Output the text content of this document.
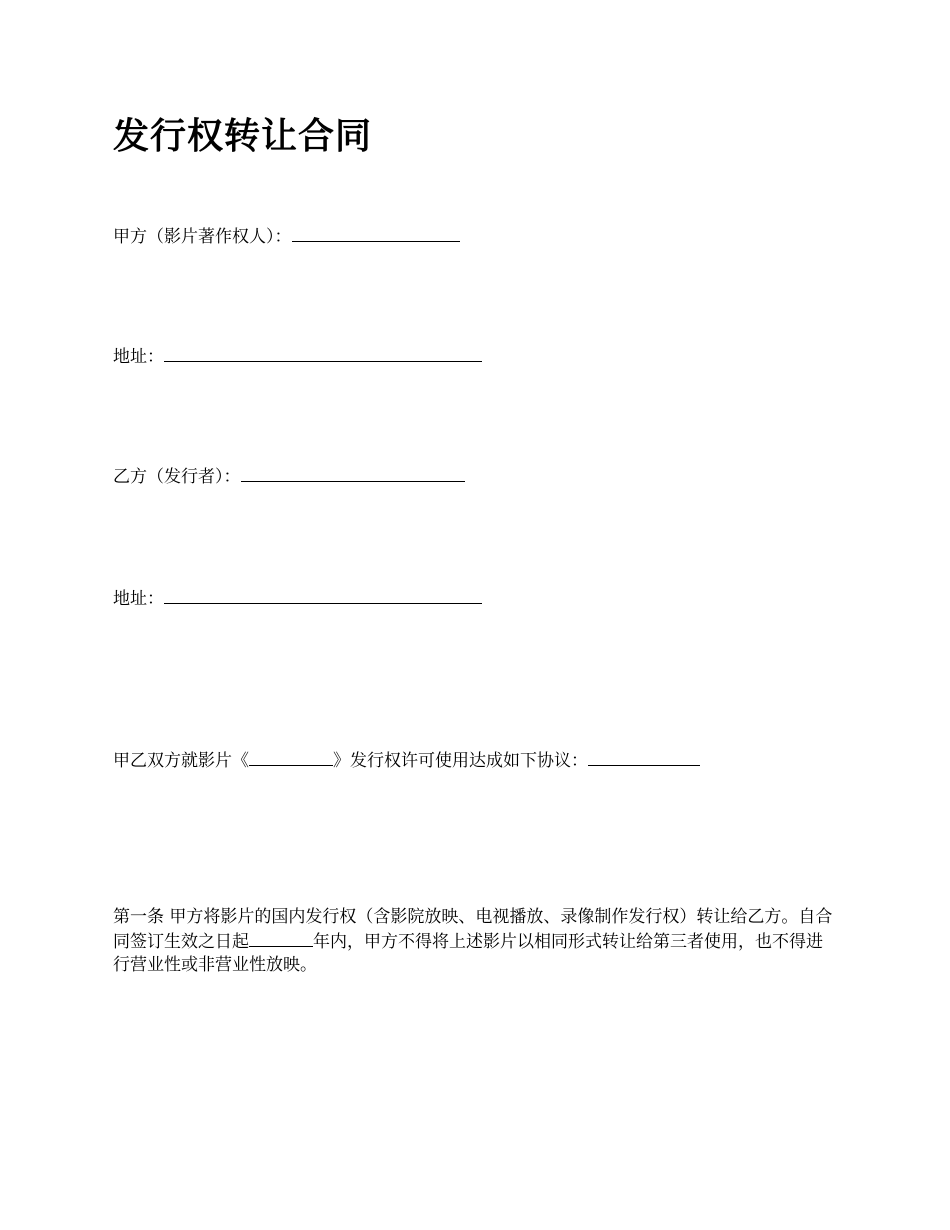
发行权转让合同
甲方（影片著作权人）：
地址：
乙方（发行者）：
地址：
甲乙双方就影片《	》发行权许可使用达成如下协议：

第一条 甲方将影片的国内发行权（含影院放映、电视播放、录像制作发行权）转让给乙方。自合同签订生效之日起	年内，甲方不得将上述影片以相同形式转让给第三者使用，也不得进行营业性或非营业性放映。
